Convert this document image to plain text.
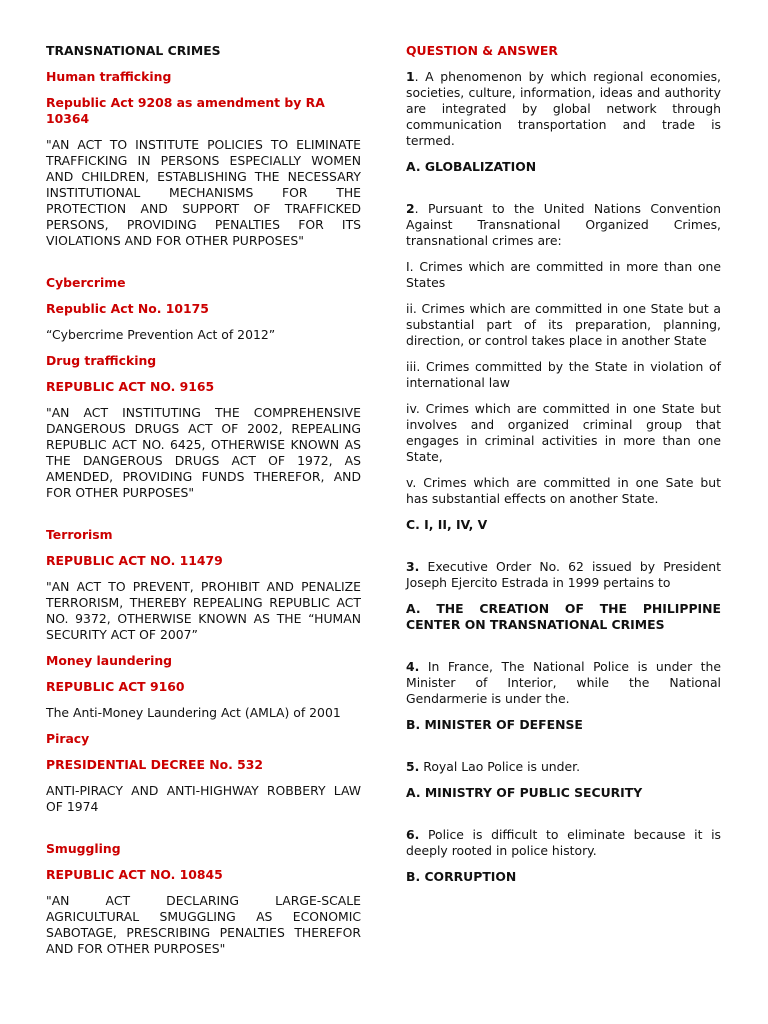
TRANSNATIONAL CRIMES

Human trafficking

Republic Act 9208 as amendment by RA 10364

"AN ACT TO INSTITUTE POLICIES TO ELIMINATE TRAFFICKING IN PERSONS ESPECIALLY WOMEN AND CHILDREN, ESTABLISHING THE NECESSARY INSTITUTIONAL MECHANISMS FOR THE PROTECTION AND SUPPORT OF TRAFFICKED PERSONS, PROVIDING PENALTIES FOR ITS VIOLATIONS AND FOR OTHER PURPOSES"

Cybercrime

Republic Act No. 10175

“Cybercrime Prevention Act of 2012”

Drug trafficking

REPUBLIC ACT NO. 9165

"AN ACT INSTITUTING THE COMPREHENSIVE DANGEROUS DRUGS ACT OF 2002, REPEALING REPUBLIC ACT NO. 6425, OTHERWISE KNOWN AS THE DANGEROUS DRUGS ACT OF 1972, AS AMENDED, PROVIDING FUNDS THEREFOR, AND FOR OTHER PURPOSES"

Terrorism

REPUBLIC ACT NO. 11479

"AN ACT TO PREVENT, PROHIBIT AND PENALIZE TERRORISM, THEREBY REPEALING REPUBLIC ACT NO. 9372, OTHERWISE KNOWN AS THE “HUMAN SECURITY ACT OF 2007”

Money laundering

REPUBLIC ACT 9160

The Anti-Money Laundering Act (AMLA) of 2001

Piracy

PRESIDENTIAL DECREE No. 532

ANTI-PIRACY AND ANTI-HIGHWAY ROBBERY LAW OF 1974

Smuggling

REPUBLIC ACT NO. 10845

"AN ACT DECLARING LARGE-SCALE AGRICULTURAL SMUGGLING AS ECONOMIC SABOTAGE, PRESCRIBING PENALTIES THEREFOR AND FOR OTHER PURPOSES"

QUESTION & ANSWER

1. A phenomenon by which regional economies, societies, culture, information, ideas and authority are integrated by global network through communication transportation and trade is termed.

A. GLOBALIZATION

2. Pursuant to the United Nations Convention Against Transnational Organized Crimes, transnational crimes are:

I. Crimes which are committed in more than one States

ii. Crimes which are committed in one State but a substantial part of its preparation, planning, direction, or control takes place in another State

iii. Crimes committed by the State in violation of international law

iv. Crimes which are committed in one State but involves and organized criminal group that engages in criminal activities in more than one State,

v. Crimes which are committed in one Sate but has substantial effects on another State.

C. I, II, IV, V

3. Executive Order No. 62 issued by President Joseph Ejercito Estrada in 1999 pertains to

A. THE CREATION OF THE PHILIPPINE CENTER ON TRANSNATIONAL CRIMES

4. In France, The National Police is under the Minister of Interior, while the National Gendarmerie is under the.

B. MINISTER OF DEFENSE

5. Royal Lao Police is under.

A. MINISTRY OF PUBLIC SECURITY

6. Police is difficult to eliminate because it is deeply rooted in police history.

B. CORRUPTION
